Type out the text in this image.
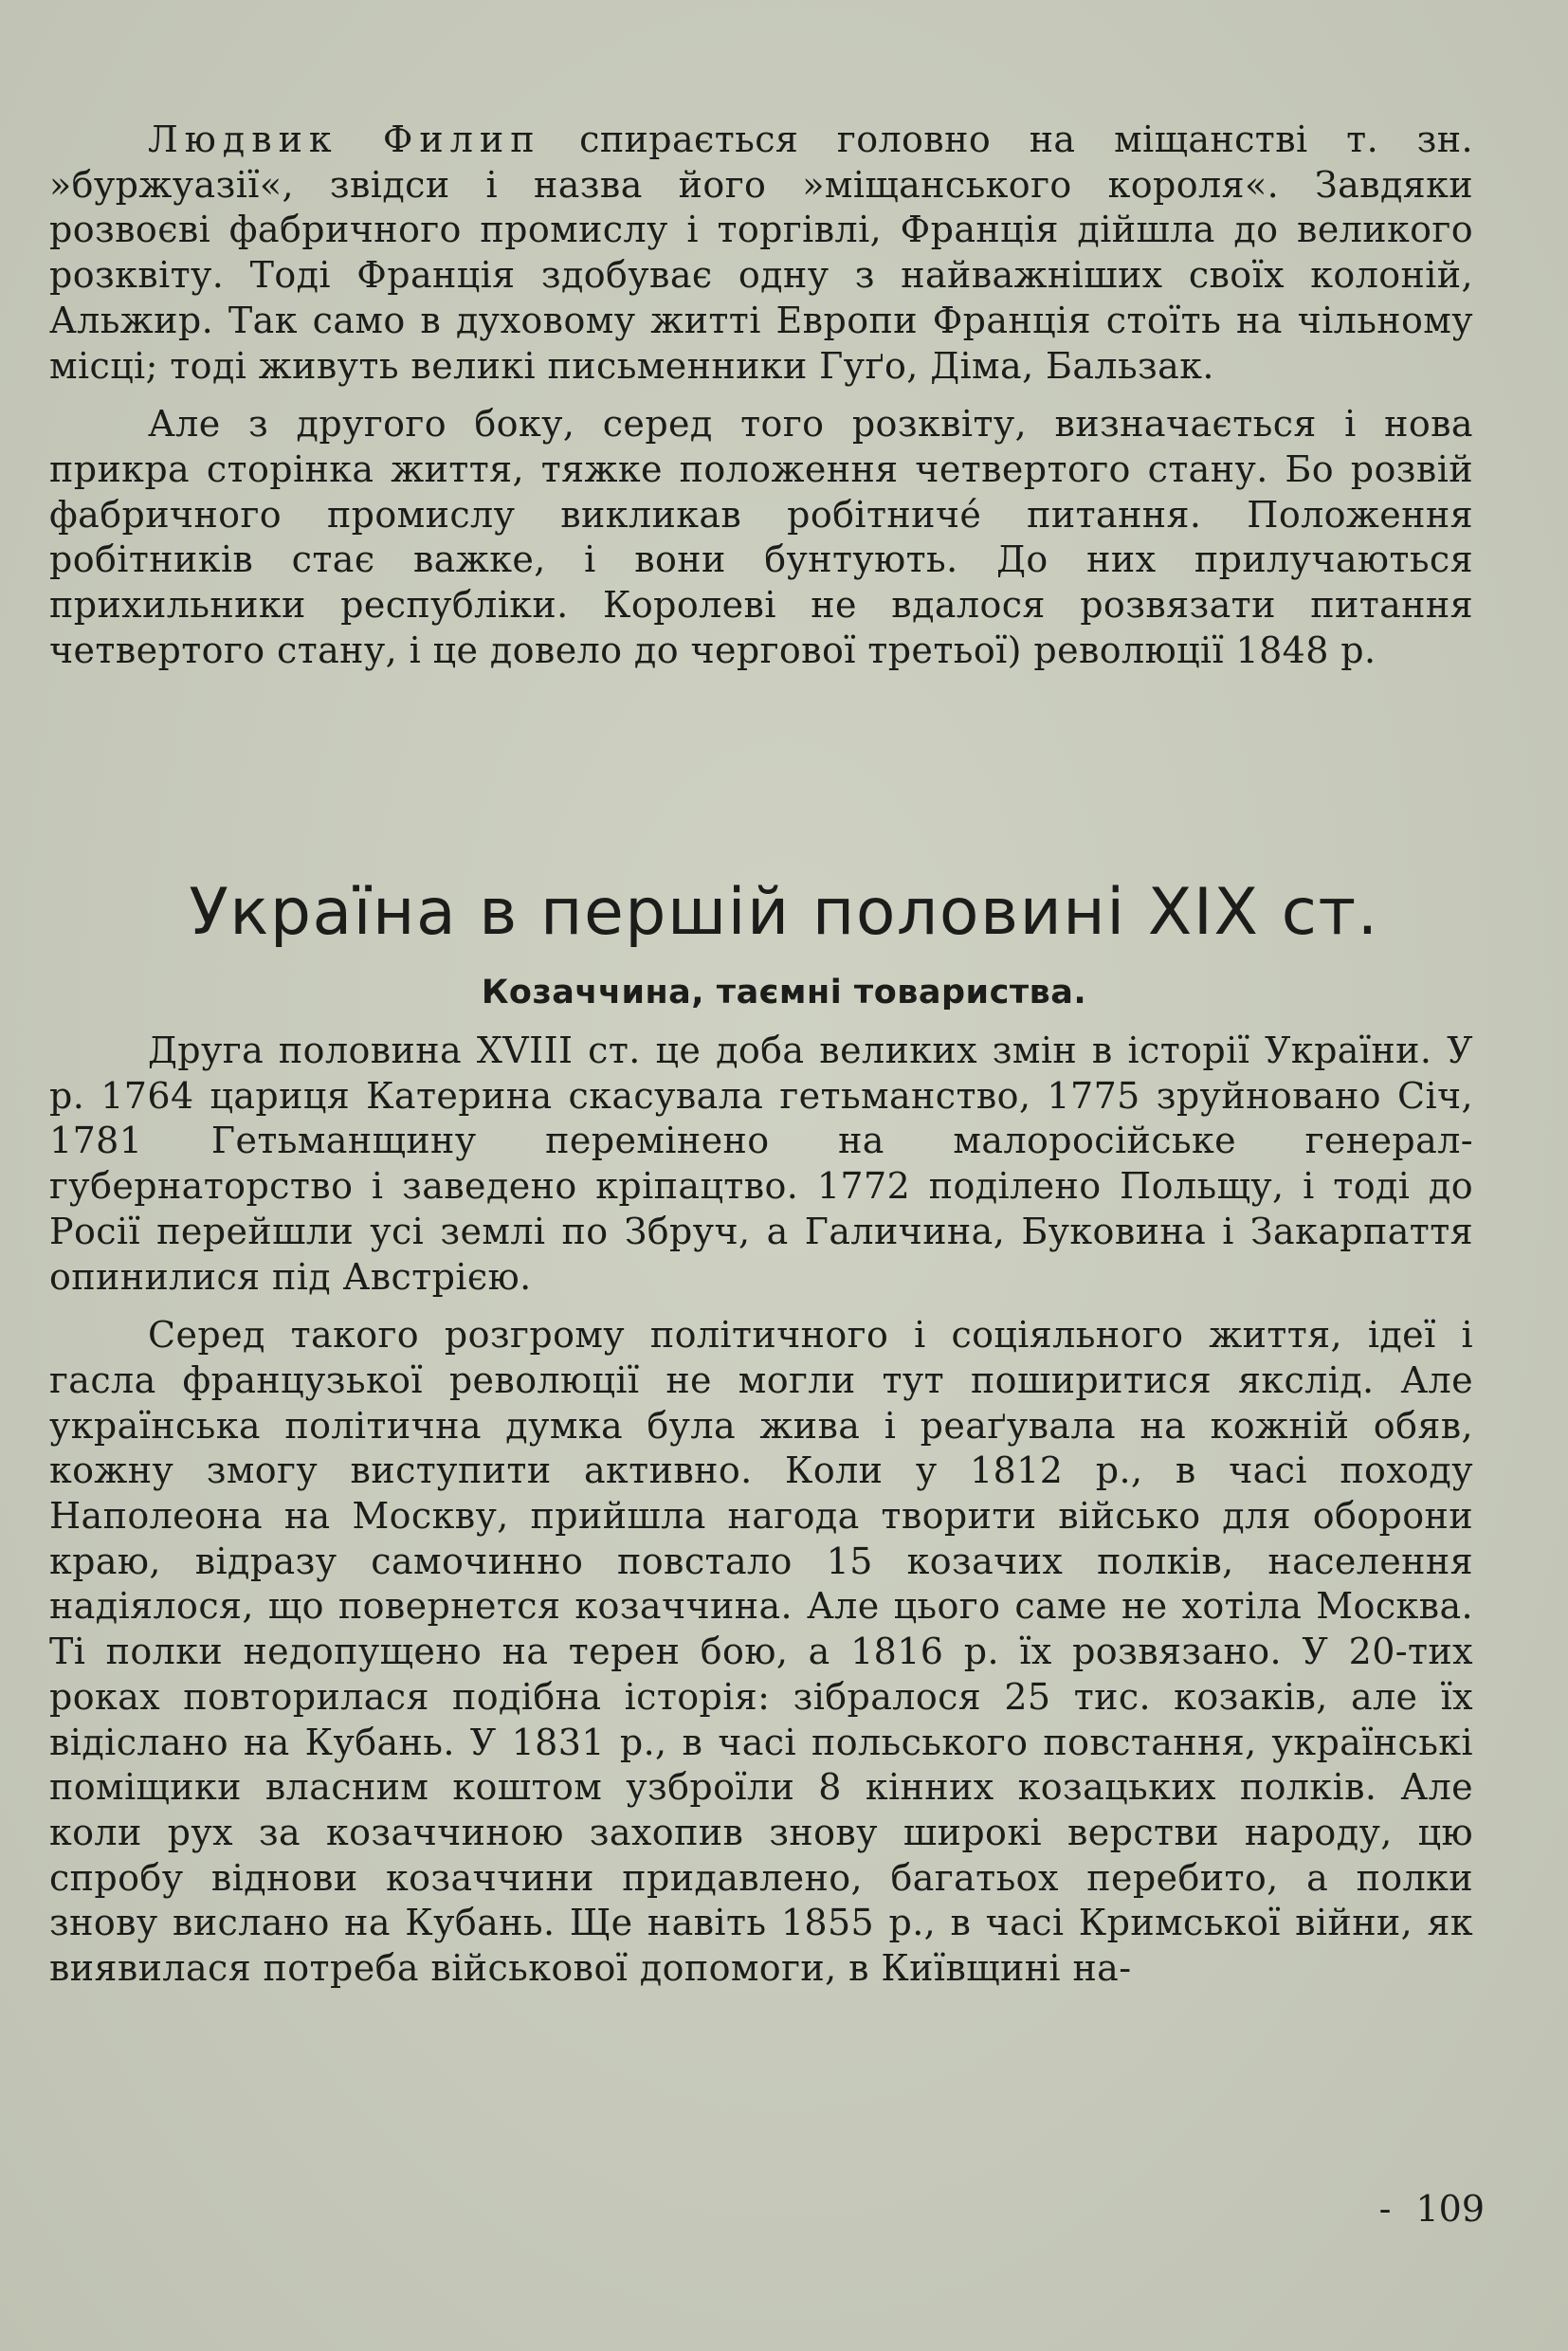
Людвик Филип спирається головно на міщанстві т. зн. »буржуазії«, звідси і назва його »міщанського короля«. Завдяки розвоєві фабричного промислу і торгівлі, Франція дійшла до великого розквіту. Тоді Франція здобуває одну з найважніших своїх колоній, Альжир. Так само в духовому житті Европи Франція стоїть на чільному місці; тоді живуть великі письменники Гуґо, Діма, Бальзак.

Але з другого боку, серед того розквіту, визначається і нова прикра сторінка життя, тяжке положення четвертого стану. Бо розвій фабричного промислу викликав робітничé питання. Положення робітників стає важке, і вони бунтують. До них прилучаються прихильники республіки. Королеві не вдалося розвязати питання четвертого стану, і це довело до чергової третьої) революції 1848 р.

Україна в першій половині XIX ст.
Козаччина, таємні товариства.

Друга половина XVIII ст. це доба великих змін в історії України. У р. 1764 цариця Катерина скасувала гетьманство, 1775 зруйновано Січ, 1781 Гетьманщину перемінено на малоросійське генерал-губернаторство і заведено кріпацтво. 1772 поділено Польщу, і тоді до Росії перейшли усі землі по Збруч, а Галичина, Буковина і Закарпаття опинилися під Австрією.

Серед такого розгрому політичного і соціяльного життя, ідеї і гасла французької революції не могли тут поширитися якслід. Але українська політична думка була жива і реаґувала на кожній обяв, кожну змогу виступити активно. Коли у 1812 р., в часі походу Наполеона на Москву, прийшла нагода творити військо для оборони краю, відразу самочинно повстало 15 козачих полків, населення надіялося, що повернется козаччина. Але цього саме не хотіла Москва. Ті полки недопущено на терен бою, а 1816 р. їх розвязано. У 20-тих роках повторилася подібна історія: зібралося 25 тис. козаків, але їх відіслано на Кубань. У 1831 р., в часі польського повстання, українські поміщики власним коштом узброїли 8 кінних козацьких полків. Але коли рух за козаччиною захопив знову широкі верстви народу, цю спробу віднови козаччини придавлено, багатьох перебито, а полки знову вислано на Кубань. Ще навіть 1855 р., в часі Кримської війни, як виявилася потреба військової допомоги, в Київщині на-

- 109
